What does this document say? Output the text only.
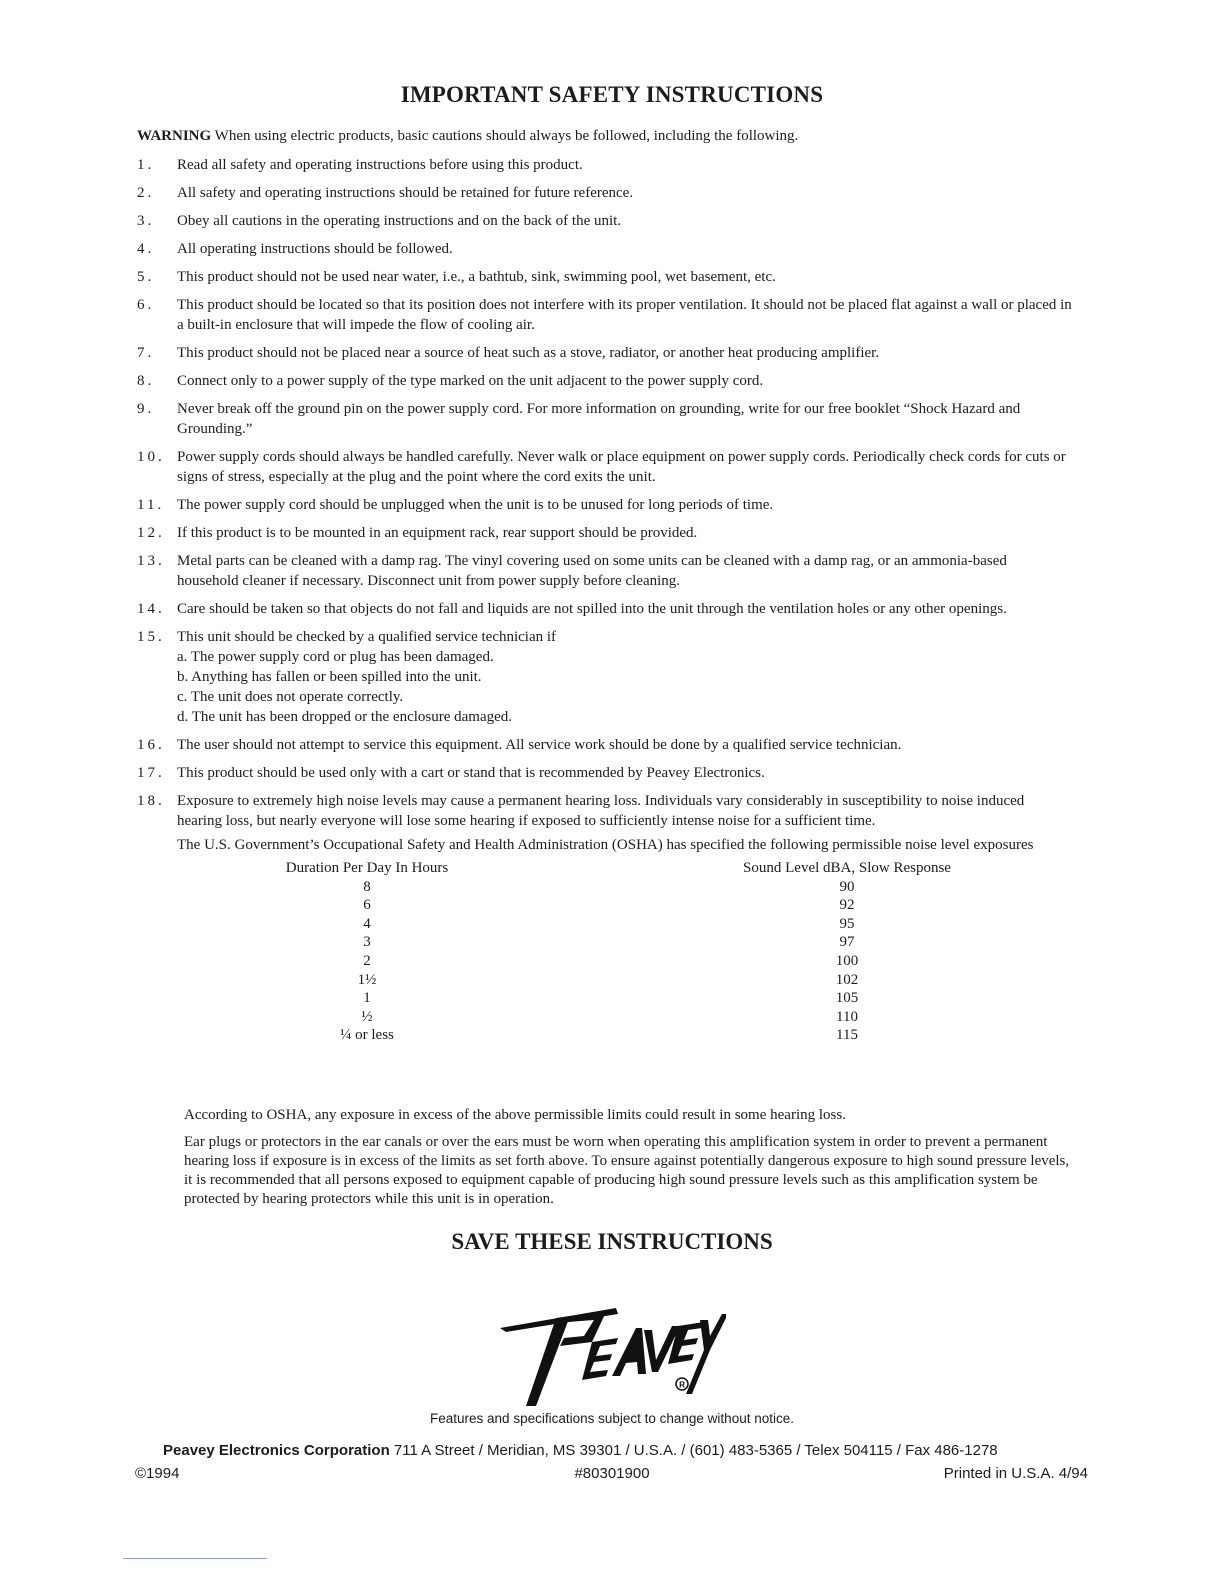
IMPORTANT SAFETY INSTRUCTIONS
WARNING When using electric products, basic cautions should always be followed, including the following.
1. Read all safety and operating instructions before using this product.
2. All safety and operating instructions should be retained for future reference.
3. Obey all cautions in the operating instructions and on the back of the unit.
4. All operating instructions should be followed.
5. This product should not be used near water, i.e., a bathtub, sink, swimming pool, wet basement, etc.
6. This product should be located so that its position does not interfere with its proper ventilation. It should not be placed flat against a wall or placed in a built-in enclosure that will impede the flow of cooling air.
7. This product should not be placed near a source of heat such as a stove, radiator, or another heat producing amplifier.
8. Connect only to a power supply of the type marked on the unit adjacent to the power supply cord.
9. Never break off the ground pin on the power supply cord. For more information on grounding, write for our free booklet “Shock Hazard and Grounding.”
10. Power supply cords should always be handled carefully. Never walk or place equipment on power supply cords. Periodically check cords for cuts or signs of stress, especially at the plug and the point where the cord exits the unit.
11. The power supply cord should be unplugged when the unit is to be unused for long periods of time.
12. If this product is to be mounted in an equipment rack, rear support should be provided.
13. Metal parts can be cleaned with a damp rag. The vinyl covering used on some units can be cleaned with a damp rag, or an ammonia-based household cleaner if necessary. Disconnect unit from power supply before cleaning.
14. Care should be taken so that objects do not fall and liquids are not spilled into the unit through the ventilation holes or any other openings.
15. This unit should be checked by a qualified service technician if
a. The power supply cord or plug has been damaged.
b. Anything has fallen or been spilled into the unit.
c. The unit does not operate correctly.
d. The unit has been dropped or the enclosure damaged.
16. The user should not attempt to service this equipment. All service work should be done by a qualified service technician.
17. This product should be used only with a cart or stand that is recommended by Peavey Electronics.
18. Exposure to extremely high noise levels may cause a permanent hearing loss. Individuals vary considerably in susceptibility to noise induced hearing loss, but nearly everyone will lose some hearing if exposed to sufficiently intense noise for a sufficient time.
The U.S. Government’s Occupational Safety and Health Administration (OSHA) has specified the following permissible noise level exposures
Duration Per Day In Hours
8
6
4
3
2
1½
1
½
¼ or less
Sound Level dBA, Slow Response
90
92
95
97
100
102
105
110
115

According to OSHA, any exposure in excess of the above permissible limits could result in some hearing loss.

Ear plugs or protectors in the ear canals or over the ears must be worn when operating this amplification system in order to prevent a permanent hearing loss if exposure is in excess of the limits as set forth above. To ensure against potentially dangerous exposure to high sound pressure levels, it is recommended that all persons exposed to equipment capable of producing high sound pressure levels such as this amplification system be protected by hearing protectors while this unit is in operation.

SAVE THESE INSTRUCTIONS
R
Features and specifications subject to change without notice.
Peavey Electronics Corporation 711 A Street / Meridian, MS 39301 / U.S.A. / (601) 483-5365 / Telex 504115 / Fax 486-1278
©1994	#80301900	Printed in U.S.A. 4/94
